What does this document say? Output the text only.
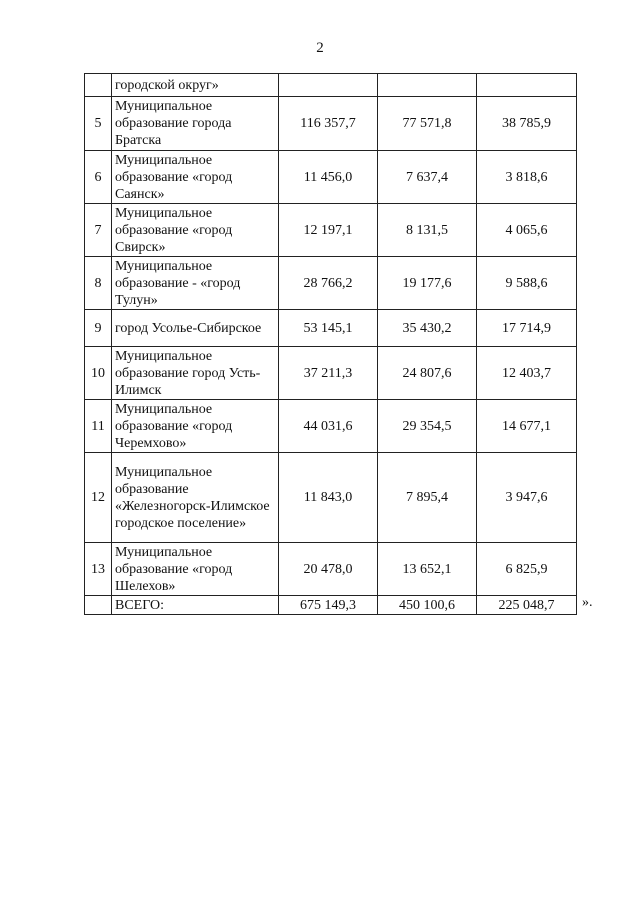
2
	городской округ»			
5	Муниципальное образование города Братска	116 357,7	77 571,8	38 785,9
6	Муниципальное образование «город Саянск»	11 456,0	7 637,4	3 818,6
7	Муниципальное образование «город Свирск»	12 197,1	8 131,5	4 065,6
8	Муниципальное образование - «город Тулун»	28 766,2	19 177,6	9 588,6
9	город Усолье-Сибирское	53 145,1	35 430,2	17 714,9
10	Муниципальное образование город Усть-Илимск	37 211,3	24 807,6	12 403,7
11	Муниципальное образование «город Черемхово»	44 031,6	29 354,5	14 677,1
12	Муниципальное образование «Железногорск-Илимское городское поселение»	11 843,0	7 895,4	3 947,6
13	Муниципальное образование «город Шелехов»	20 478,0	13 652,1	6 825,9
	ВСЕГО:	675 149,3	450 100,6	225 048,7 ».
